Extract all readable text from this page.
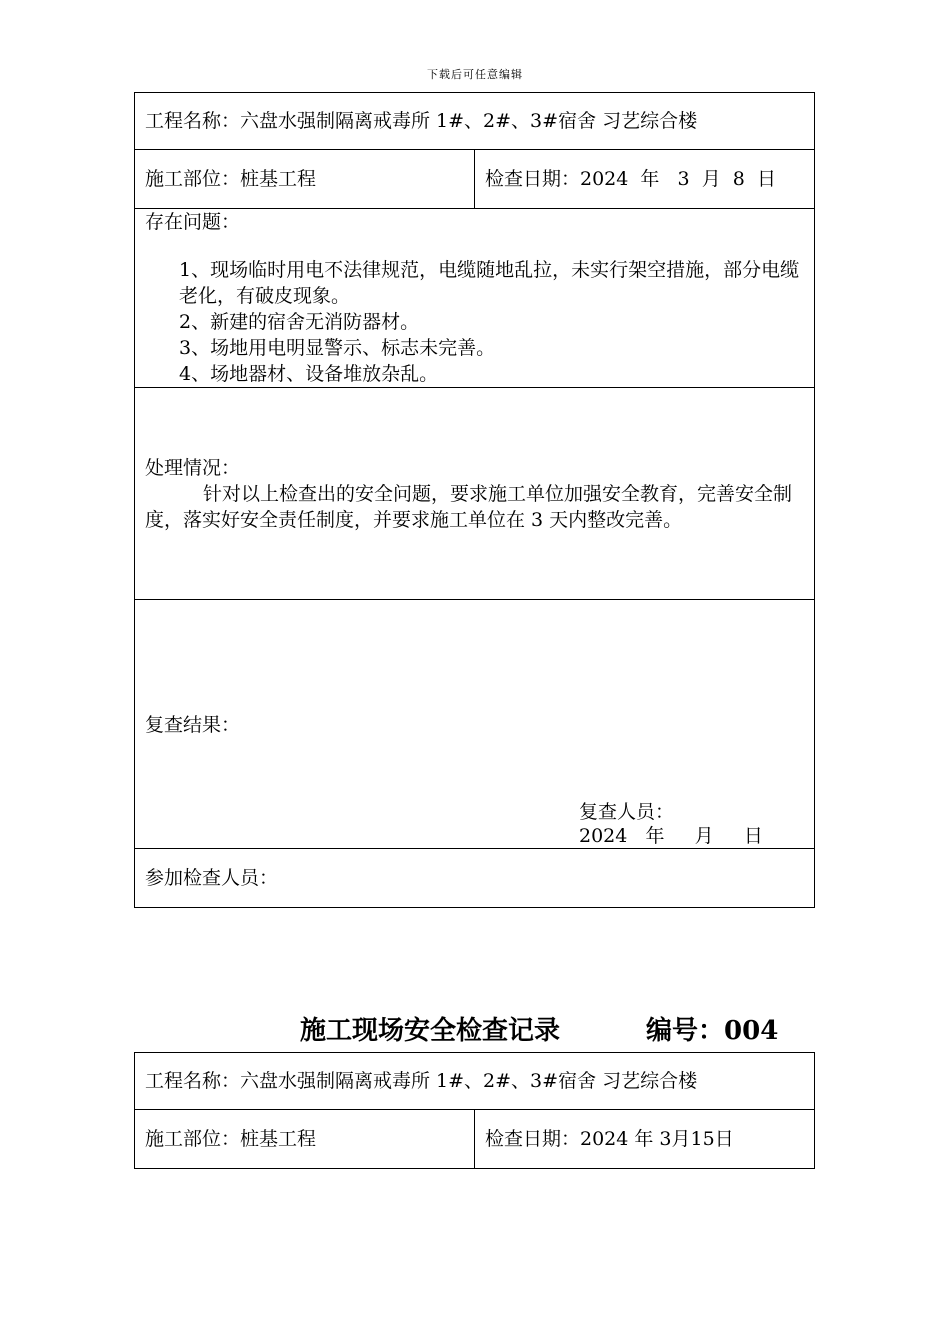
下载后可任意编辑
工程名称：六盘水强制隔离戒毒所 1#、2#、3#宿舍 习艺综合楼
施工部位：桩基工程	检查日期：2024  年   3  月  8  日

存在问题：
1、现场临时用电不法律规范，电缆随地乱拉，未实行架空措施，部分电缆老化，有破皮现象。
2、新建的宿舍无消防器材。
3、场地用电明显警示、标志未完善。
4、场地器材、设备堆放杂乱。

处理情况：
针对以上检查出的安全问题，要求施工单位加强安全教育，完善安全制度，落实好安全责任制度，并要求施工单位在 3 天内整改完善。

复查结果：
复查人员：
2024   年     月     日

参加检查人员：
施工现场安全检查记录	编号：004
工程名称：六盘水强制隔离戒毒所 1#、2#、3#宿舍 习艺综合楼
施工部位：桩基工程	检查日期：2024 年 3月15日
